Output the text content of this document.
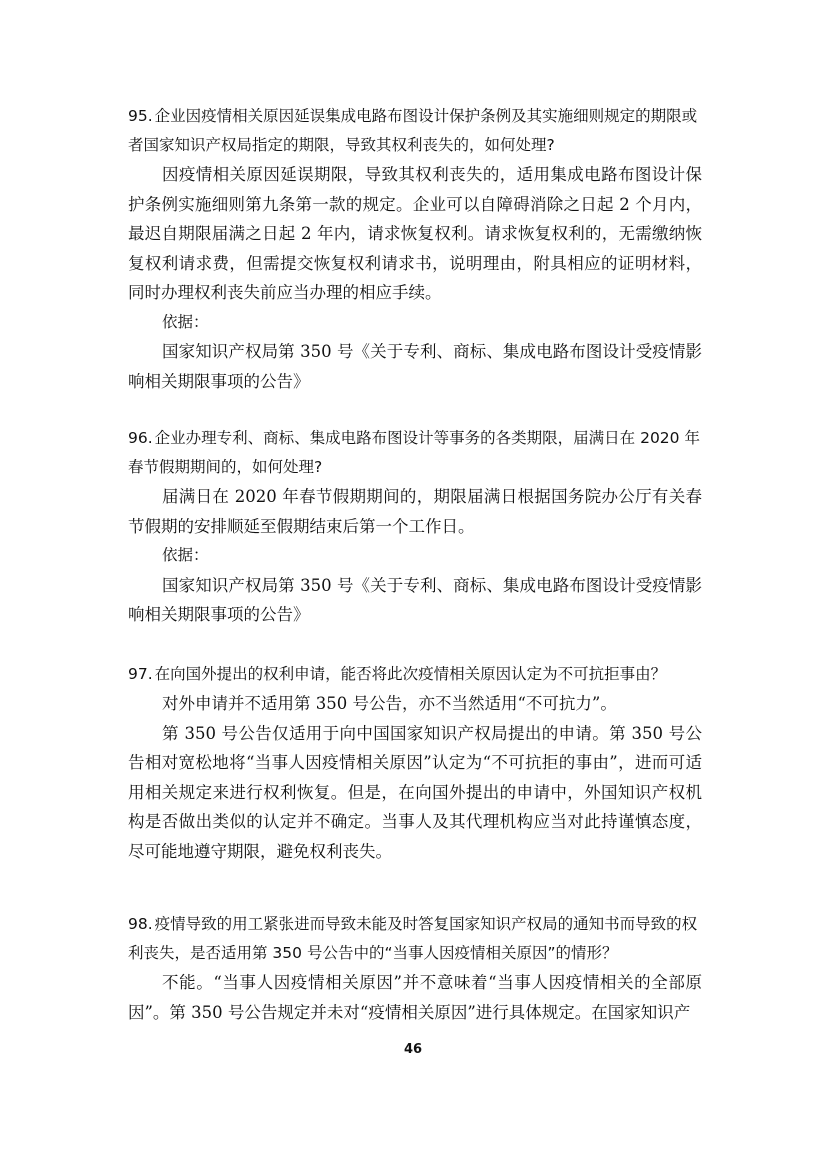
95. 企业因疫情相关原因延误集成电路布图设计保护条例及其实施细则规定的期限或者国家知识产权局指定的期限，导致其权利丧失的，如何处理?

因疫情相关原因延误期限，导致其权利丧失的，适用集成电路布图设计保护条例实施细则第九条第一款的规定。企业可以自障碍消除之日起 2 个月内，最迟自期限届满之日起 2 年内，请求恢复权利。请求恢复权利的，无需缴纳恢复权利请求费，但需提交恢复权利请求书，说明理由，附具相应的证明材料，同时办理权利丧失前应当办理的相应手续。

依据：

国家知识产权局第 350 号《关于专利、商标、集成电路布图设计受疫情影响相关期限事项的公告》

96. 企业办理专利、商标、集成电路布图设计等事务的各类期限，届满日在 2020 年春节假期期间的，如何处理?

届满日在 2020 年春节假期期间的，期限届满日根据国务院办公厅有关春节假期的安排顺延至假期结束后第一个工作日。

依据：

国家知识产权局第 350 号《关于专利、商标、集成电路布图设计受疫情影响相关期限事项的公告》

97. 在向国外提出的权利申请，能否将此次疫情相关原因认定为不可抗拒事由？

对外申请并不适用第 350 号公告，亦不当然适用“不可抗力”。

第 350 号公告仅适用于向中国国家知识产权局提出的申请。第 350 号公告相对宽松地将“当事人因疫情相关原因”认定为“不可抗拒的事由”，进而可适用相关规定来进行权利恢复。但是，在向国外提出的申请中，外国知识产权机构是否做出类似的认定并不确定。当事人及其代理机构应当对此持谨慎态度，尽可能地遵守期限，避免权利丧失。

98. 疫情导致的用工紧张进而导致未能及时答复国家知识产权局的通知书而导致的权利丧失，是否适用第 350 号公告中的“当事人因疫情相关原因”的情形？

不能。“当事人因疫情相关原因”并不意味着“当事人因疫情相关的全部原因”。第 350 号公告规定并未对“疫情相关原因”进行具体规定。在国家知识产

46
